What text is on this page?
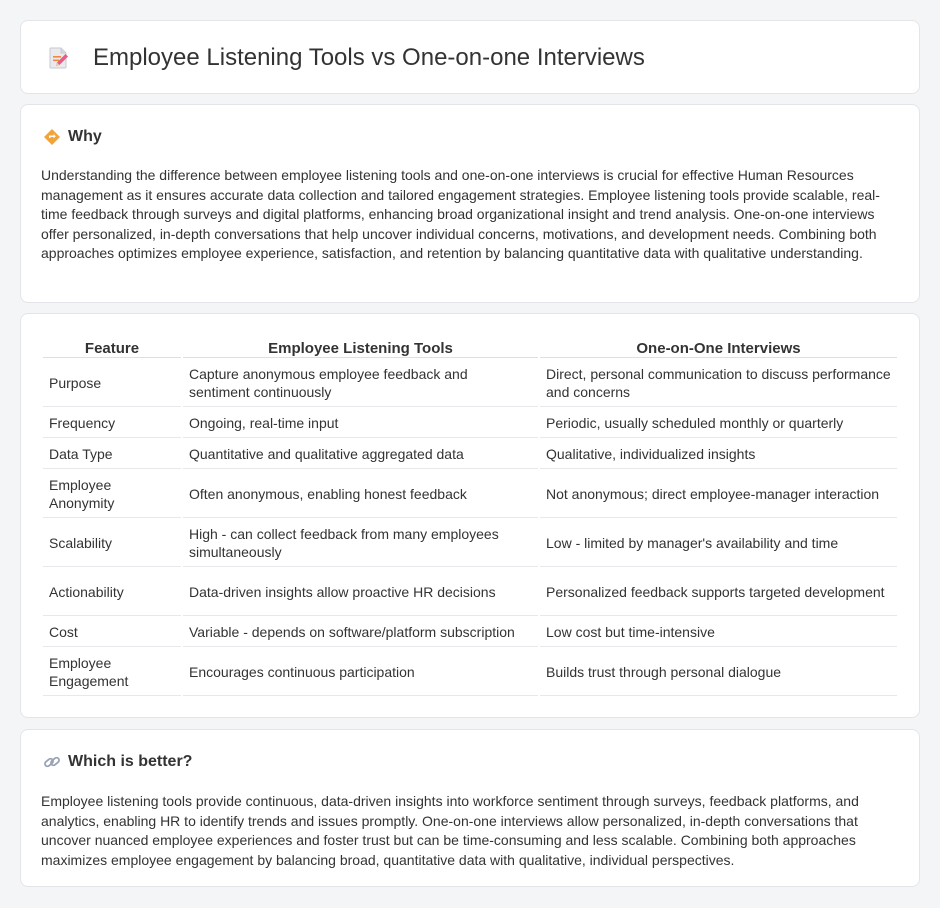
Employee Listening Tools vs One-on-one Interviews
Why

Understanding the difference between employee listening tools and one-on-one interviews is crucial for effective Human Resources management as it ensures accurate data collection and tailored engagement strategies. Employee listening tools provide scalable, real-time feedback through surveys and digital platforms, enhancing broad organizational insight and trend analysis. One-on-one interviews offer personalized, in-depth conversations that help uncover individual concerns, motivations, and development needs. Combining both approaches optimizes employee experience, satisfaction, and retention by balancing quantitative data with qualitative understanding.

Feature	Employee Listening Tools	One-on-One Interviews
Purpose	Capture anonymous employee feedback and sentiment continuously	Direct, personal communication to discuss performance and concerns
Frequency	Ongoing, real-time input	Periodic, usually scheduled monthly or quarterly
Data Type	Quantitative and qualitative aggregated data	Qualitative, individualized insights
Employee Anonymity	Often anonymous, enabling honest feedback	Not anonymous; direct employee-manager interaction
Scalability	High - can collect feedback from many employees simultaneously	Low - limited by manager's availability and time
Actionability	Data-driven insights allow proactive HR decisions	Personalized feedback supports targeted development
Cost	Variable - depends on software/platform subscription	Low cost but time-intensive
Employee Engagement	Encourages continuous participation	Builds trust through personal dialogue
Which is better?

Employee listening tools provide continuous, data-driven insights into workforce sentiment through surveys, feedback platforms, and analytics, enabling HR to identify trends and issues promptly. One-on-one interviews allow personalized, in-depth conversations that uncover nuanced employee experiences and foster trust but can be time-consuming and less scalable. Combining both approaches maximizes employee engagement by balancing broad, quantitative data with qualitative, individual perspectives.
